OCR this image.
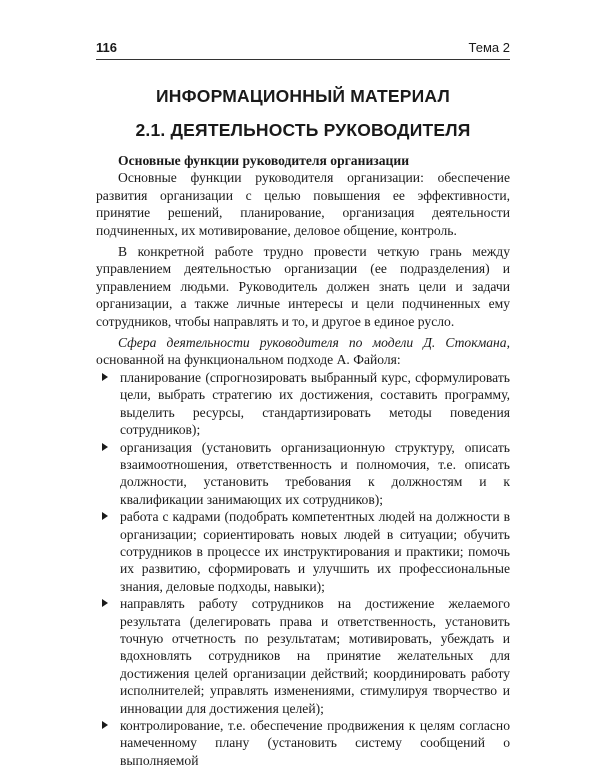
116	Тема 2
ИНФОРМАЦИОННЫЙ МАТЕРИАЛ
2.1. ДЕЯТЕЛЬНОСТЬ РУКОВОДИТЕЛЯ

Основные функции руководителя организации

Основные функции руководителя организации: обеспечение развития организации с целью повышения ее эффективности, принятие решений, планирование, организация деятельности подчиненных, их мотивирование, деловое общение, контроль.

В конкретной работе трудно провести четкую грань между управлением деятельностью организации (ее подразделения) и управлением людьми. Руководитель должен знать цели и задачи организации, а также личные интересы и цели подчиненных ему сотрудников, чтобы направлять и то, и другое в единое русло.

Сфера деятельности руководителя по модели Д. Стокмана, основанной на функциональном подходе А. Файоля:

планирование (спрогнозировать выбранный курс, сформулировать цели, выбрать стратегию их достижения, составить программу, выделить ресурсы, стандартизировать методы поведения сотрудников);
организация (установить организационную структуру, описать взаимоотношения, ответственность и полномочия, т.е. описать должности, установить требования к должностям и к квалификации занимающих их сотрудников);
работа с кадрами (подобрать компетентных людей на должности в организации; сориентировать новых людей в ситуации; обучить сотрудников в процессе их инструктирования и практики; помочь их развитию, сформировать и улучшить их профессиональные знания, деловые подходы, навыки);
направлять работу сотрудников на достижение желаемого результата (делегировать права и ответственность, установить точную отчетность по результатам; мотивировать, убеждать и вдохновлять сотрудников на принятие желательных для достижения целей организации действий; координировать работу исполнителей; управлять изменениями, стимулируя творчество и инновации для достижения целей);
контролирование, т.е. обеспечение продвижения к целям согласно намеченному плану (установить систему сообщений о выполняемой
